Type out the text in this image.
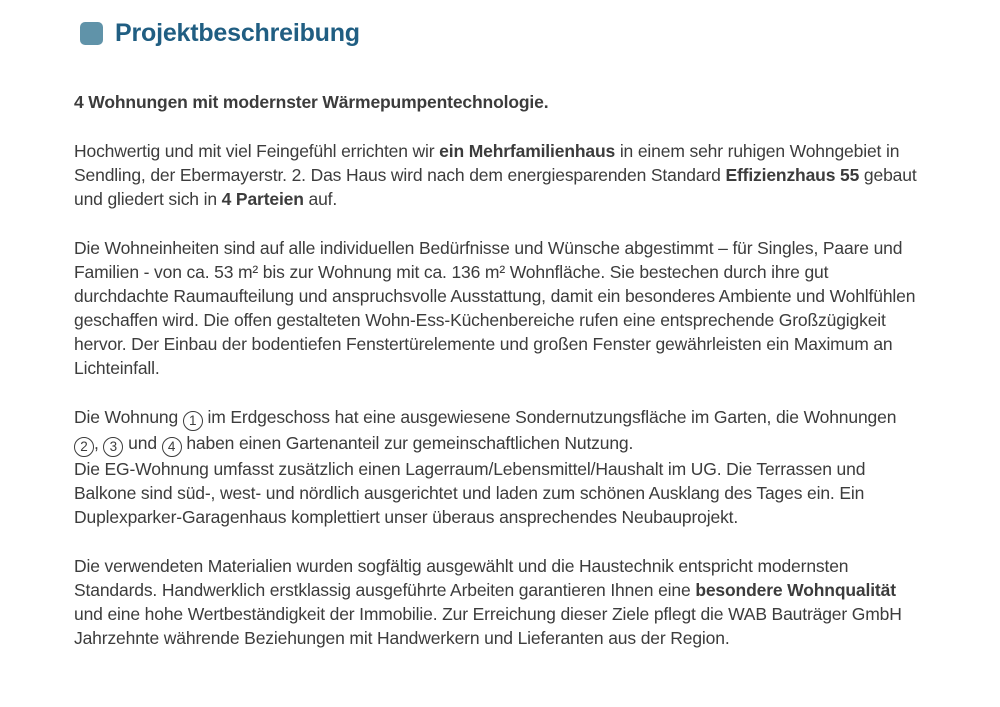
Projektbeschreibung

4 Wohnungen mit modernster Wärmepumpentechnologie.

Hochwertig und mit viel Feingefühl errichten wir ein Mehrfamilienhaus in einem sehr ruhigen Wohngebiet in Sendling, der Ebermayerstr. 2. Das Haus wird nach dem energiesparenden Standard Effizienzhaus 55 gebaut und gliedert sich in 4 Parteien auf.

Die Wohneinheiten sind auf alle individuellen Bedürfnisse und Wünsche abgestimmt – für Singles, Paare und Familien - von ca. 53 m² bis zur Wohnung mit ca. 136 m² Wohnfläche. Sie bestechen durch ihre gut durchdachte Raumaufteilung und anspruchsvolle Ausstattung, damit ein besonderes Ambiente und Wohlfühlen geschaffen wird. Die offen gestalteten Wohn-Ess-Küchenbereiche rufen eine entsprechende Großzügigkeit hervor. Der Einbau der bodentiefen Fenstertürelemente und großen Fenster gewährleisten ein Maximum an Lichteinfall.

Die Wohnung 1 im Erdgeschoss hat eine ausgewiesene Sondernutzungsfläche im Garten, die Wohnungen 2 , 3 und 4 haben einen Gartenanteil zur gemeinschaftlichen Nutzung.
Die EG-Wohnung umfasst zusätzlich einen Lagerraum/Lebensmittel/Haushalt im UG. Die Terrassen und Balkone sind süd-, west- und nördlich ausgerichtet und laden zum schönen Ausklang des Tages ein. Ein Duplexparker-Garagenhaus komplettiert unser überaus ansprechendes Neubauprojekt.

Die verwendeten Materialien wurden sogfältig ausgewählt und die Haustechnik entspricht modernsten Standards. Handwerklich erstklassig ausgeführte Arbeiten garantieren Ihnen eine besondere Wohnqualität und eine hohe Wertbeständigkeit der Immobilie. Zur Erreichung dieser Ziele pflegt die WAB Bauträger GmbH Jahrzehnte währende Beziehungen mit Handwerkern und Lieferanten aus der Region.
